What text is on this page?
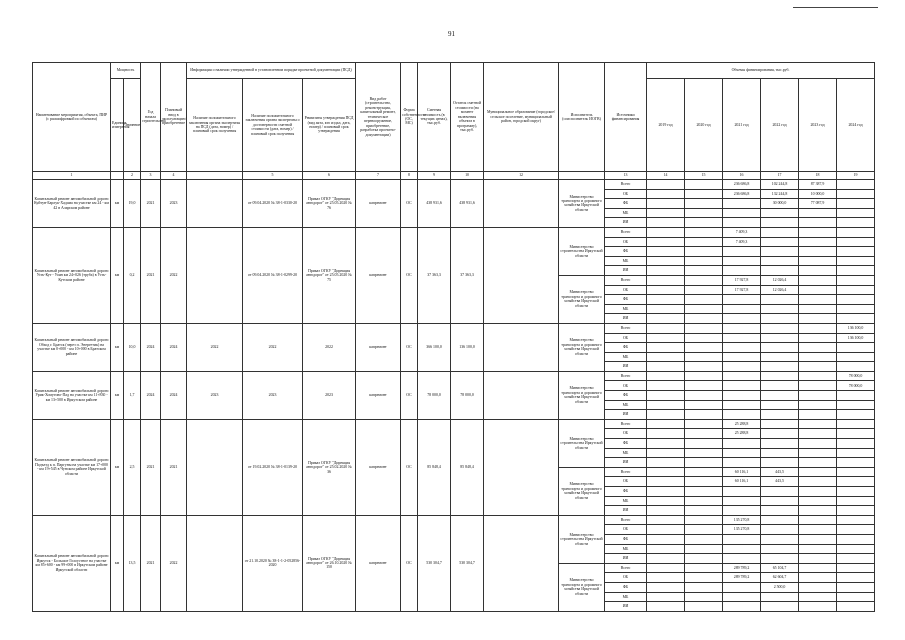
91
Наименование мероприятия, объекта, ПИР (с расшифровкой по объектам)	Мощность		Год начала строительства	Плановый ввод в эксплуатацию/приобретение	Информация о наличии утвержденной в установленном порядке проектной документации (ПСД)			Вид работ (строительство, реконструкция, капитальный ремонт, техническое перевооружение, приобретение, разработка проектно-документации)	Форма собственности (ОС, МС)	Сметная стоимость (в текущих ценах), тыс.руб.	Остаток сметной стоимости (на момент включения объекта в программу), тыс.руб.	Муниципальное образование (городское/сельское поселение, муниципальный район, городской округ)	Исполнитель (соисполнитель ИОГВ)	Источники финансирования	Объемы финансирования, тыс.руб.					
	Единица измерения	Значение			Наличие положительного заключения органа экспертизы на ПСД (дата, номер) / плановый срок получения	Наличие положительного заключения органа экспертизы о достоверности сметной стоимости (дата, номер) / плановый срок получения	Реквизиты утверждения ПСД (вид акта, кто издал, дата, номер) / плановый срок утверждения								2019 год	2020 год	2021 год	2022 год	2023 год	2024 год
1		2	3	4		5	6	7	8	9	10	12		13	14	15	16	17	18	19
Капитальный ремонт автомобильной дороги Куйтун-Барлук-Хадама на участке км 24 - км 42 в Аларском районе	км	19,0	2021	2023		от 09.04.2020 № 38-1-0330-20	Приказ ОГКУ "Дирекция автодорог" от 25.05.2020 № 76	капремонт	ОС	438 931,6	438 931,6		Министерство транспорта и дорожного хозяйства Иркутской области	Всего			236 686,8	102 244,8	87 387,9	
														ОБ			236 686,8	132 244,8	10 000,0	
														ФБ				30 000,0	77 087,9	
														МБ						
														ИИ						
Капитальный ремонт автомобильной дороги Усть-Кут - Уоян км 24+026 (труба) в Усть-Кутском районе	км	0,2	2021	2022		от 09.04.2020 № 38-1-0299-20	Приказ ОГКУ "Дирекция автодорог" от 25.05.2020 № 75	капремонт	ОС	37 363,3	37 363,3		Министерство строительства Иркутской области	Всего			7 409,3			
														ОБ			7 409,3			
														ФБ						
														МБ						
														ИИ						
													Министерство транспорта и дорожного хозяйства Иркутской области	Всего			17 927,8	12 026,4		
														ОБ			17 927,8	12 026,4		
														ФБ						
														МБ						
														ИИ						
Капитальный ремонт автомобильной дороги Обход г. Братск (через п. Энергетик) на участке км 0+000 - км 10+000 в Братском районе	км	10,0	2024	2024	2022	2022	2022	капремонт	ОС	366 100,0	136 100,0		Министерство транспорта и дорожного хозяйства Иркутской области	Всего						136 100,0
														ОБ						136 100,0
														ФБ						
														МБ						
														ИИ						
Капитальный ремонт автомобильной дороги Урик-Хомутово-Пад на участке км 11+830 - км 13+500 в Иркутском районе	км	1,7	2024	2024	2023	2023	2023	капремонт	ОС	78 000,0	78 000,0		Министерство транспорта и дорожного хозяйства Иркутской области	Всего						78 000,0
														ОБ						78 000,0
														ФБ						
														МБ						
														ИИ						
Капитальный ремонт автомобильной дороги Подъезд к п. Паргуны на участке км 17+000 - км 19+545 в Чунском районе Иркутской области	км	2,5	2021	2021		от 19.02.2020 № 38-1-0139-20	Приказ ОГКУ "Дирекция автодорог" от 25.02.2020 № 36	капремонт	ОС	85 848,4	85 848,4		Министерство строительства Иркутской области	Всего			25 288,8			
														ОБ			25 288,8			
														ФБ						
														МБ						
														ИИ						
													Министерство транспорта и дорожного хозяйства Иркутской области	Всего			60 116,1	443,5		
														ОБ			60 116,1	443,5		
														ФБ						
														МБ						
														ИИ						
Капитальный ремонт автомобильной дороги Иркутск - Большое Голоустное на участке км 85+600 - км 99+000 в Иркутском районе Иркутской области	км	13,5	2021	2022		от 21.10.2020 № 38-1-1-2-052856-2020	Приказ ОГКУ "Дирекция автодорог" от 26.10.2020 № 150	капремонт	ОС	530 304,7	530 304,7		Министерство строительства Иркутской области	Всего			135 270,8			
														ОБ			135 270,8			
														ФБ						
														МБ						
														ИИ						
													Министерство транспорта и дорожного хозяйства Иркутской области	Всего			289 789,2	65 104,7		
														ОБ			289 789,2	62 604,7		
														ФБ				2 500,0		
														МБ						
														ИИ						
